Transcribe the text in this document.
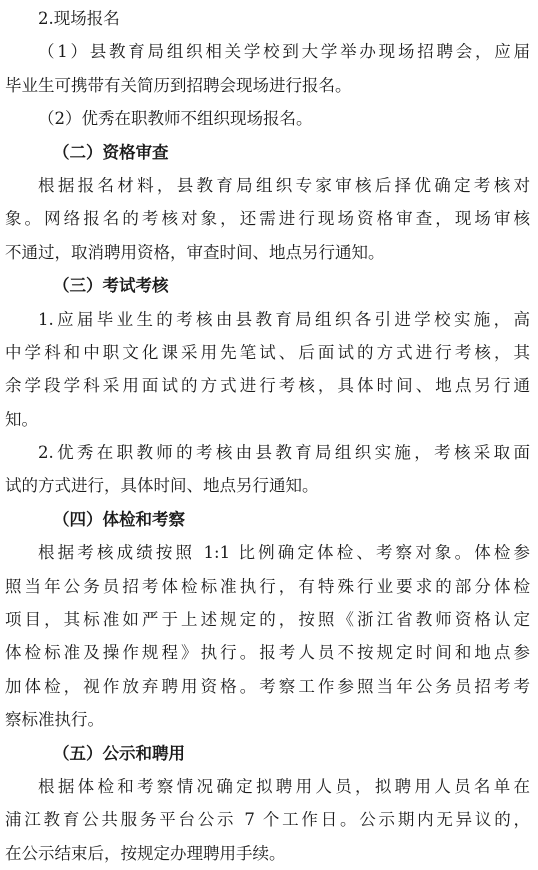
2.现场报名
（1）县教育局组织相关学校到大学举办现场招聘会，应届
毕业生可携带有关简历到招聘会现场进行报名。
（2）优秀在职教师不组织现场报名。
（二）资格审查
根据报名材料，县教育局组织专家审核后择优确定考核对
象。网络报名的考核对象，还需进行现场资格审查，现场审核
不通过，取消聘用资格，审查时间、地点另行通知。
（三）考试考核
1.应届毕业生的考核由县教育局组织各引进学校实施，高
中学科和中职文化课采用先笔试、后面试的方式进行考核，其
余学段学科采用面试的方式进行考核，具体时间、地点另行通
知。
2.优秀在职教师的考核由县教育局组织实施，考核采取面
试的方式进行，具体时间、地点另行通知。
（四）体检和考察
根据考核成绩按照 1:1 比例确定体检、考察对象。体检参
照当年公务员招考体检标准执行，有特殊行业要求的部分体检
项目，其标准如严于上述规定的，按照《浙江省教师资格认定
体检标准及操作规程》执行。报考人员不按规定时间和地点参
加体检，视作放弃聘用资格。考察工作参照当年公务员招考考
察标准执行。
（五）公示和聘用
根据体检和考察情况确定拟聘用人员，拟聘用人员名单在
浦江教育公共服务平台公示 7 个工作日。公示期内无异议的，
在公示结束后，按规定办理聘用手续。
